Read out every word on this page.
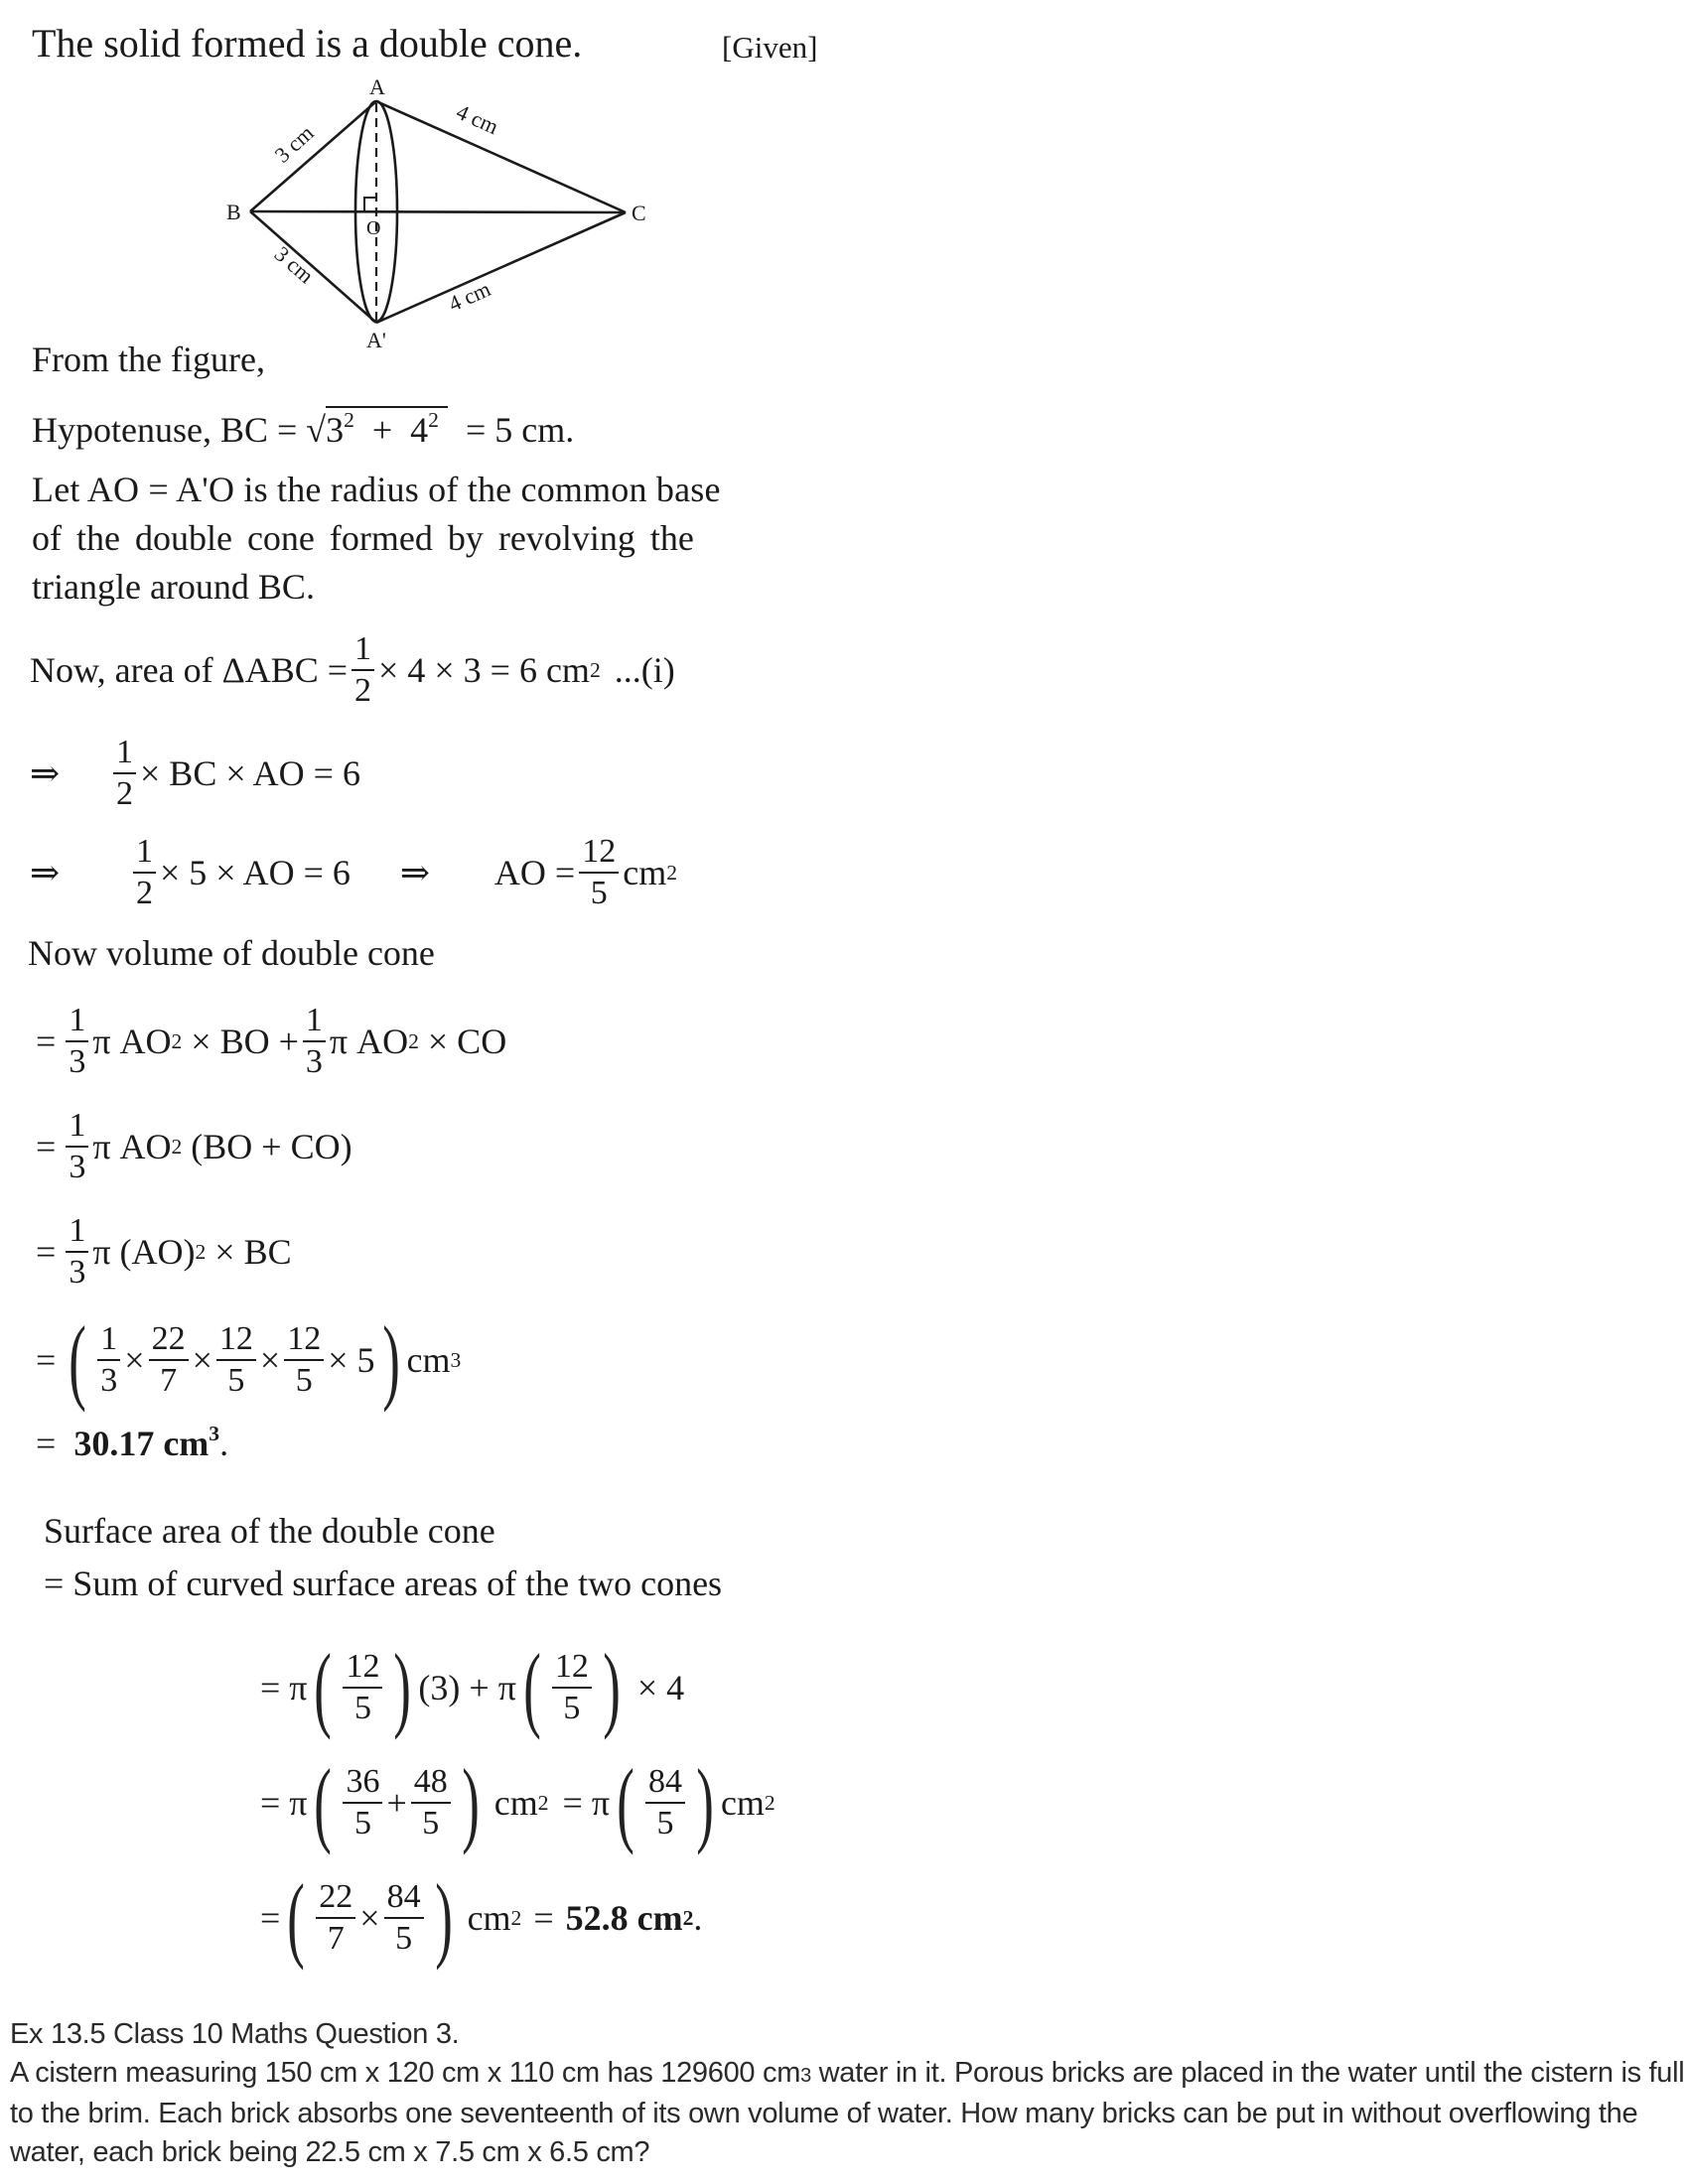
The solid formed is a double cone.	[Given]
A
B	C
A'
O
3 cm
4 cm
3 cm
4 cm
From the figure,
Hypotenuse, BC = $√3^2 + 4^2 = 5$ cm.
Let AO = A'O is the radius of the common base
of the double cone formed by revolving the
triangle around BC.
Now, area of $\Delta ABC = \frac{1}{2} \times 4 \times 3 = 6$ cm 2 ...(i)
⇒	$\frac{1}{2}$ × BC × AO = 6
⇒	$\frac{1}{2} \times 5$ × AO = 6 ⇒	AO = $\frac{12}{5}$ cm 2
Now volume of double cone
= $\frac{1}{3}$ π AO 2
× BO + $\frac{1}{3}$ π AO 2
× CO
= $\frac{1}{3}$ π AO 2
(BO + CO)
= $\frac{1}{3}$ π (AO) 2
× BC
= ( $\frac{1}{3} \times \frac{22}{7} \times \frac{12}{5} \times \frac{12}{5} \times 5$ ) cm 3
= 30.17 $cm^3$.
Surface area of the double cone
= Sum of curved surface areas of the two cones
= π ( $\frac{12}{5}$ ) (3) + π ( $\frac{12}{5}$ ) × 4
= π ( $\frac{36}{5} + \frac{48}{5}$ ) cm 2 = π ( $\frac{84}{5}$ ) cm 2
= ( $\frac{22}{7} \times \frac{84}{5}$ ) cm 2 = 52.8 cm 2 .
Ex 13.5 Class 10 Maths Question 3.
A cistern measuring 150 cm x 120 cm x 110 cm has 129600 cm3 water in it. Porous bricks are placed in the water until the cistern is full to the brim. Each brick absorbs one seventeenth of its own volume of water. How many bricks can be put in without overflowing the water, each brick being 22.5 cm x 7.5 cm x 6.5 cm?
